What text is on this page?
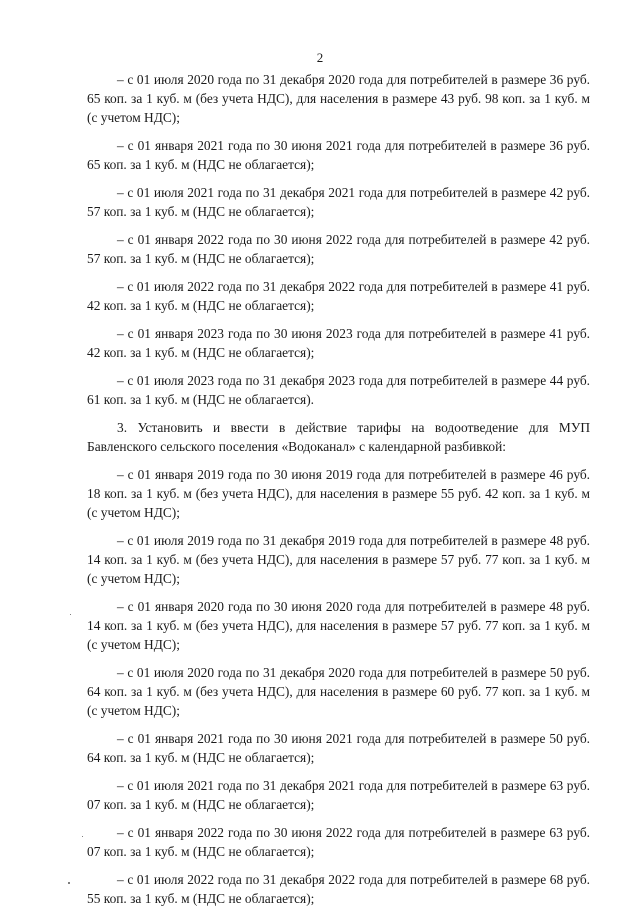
2

– с 01 июля 2020 года по 31 декабря 2020 года для потребителей в размере 36 руб. 65 коп. за 1 куб. м (без учета НДС), для населения в размере 43 руб. 98 коп. за 1 куб. м (с учетом НДС);

– с 01 января 2021 года по 30 июня 2021 года для потребителей в размере 36 руб. 65 коп. за 1 куб. м (НДС не облагается);

– с 01 июля 2021 года по 31 декабря 2021 года для потребителей в размере 42 руб. 57 коп. за 1 куб. м (НДС не облагается);

– с 01 января 2022 года по 30 июня 2022 года для потребителей в размере 42 руб. 57 коп. за 1 куб. м (НДС не облагается);

– с 01 июля 2022 года по 31 декабря 2022 года для потребителей в размере 41 руб. 42 коп. за 1 куб. м (НДС не облагается);

– с 01 января 2023 года по 30 июня 2023 года для потребителей в размере 41 руб. 42 коп. за 1 куб. м (НДС не облагается);

– с 01 июля 2023 года по 31 декабря 2023 года для потребителей в размере 44 руб. 61 коп. за 1 куб. м (НДС не облагается).

3. Установить и ввести в действие тарифы на водоотведение для МУП Бавленского сельского поселения «Водоканал» с календарной разбивкой:

– с 01 января 2019 года по 30 июня 2019 года для потребителей в размере 46 руб. 18 коп. за 1 куб. м (без учета НДС), для населения в размере 55 руб. 42 коп. за 1 куб. м (с учетом НДС);

– с 01 июля 2019 года по 31 декабря 2019 года для потребителей в размере 48 руб. 14 коп. за 1 куб. м (без учета НДС), для населения в размере 57 руб. 77 коп. за 1 куб. м (с учетом НДС);

– с 01 января 2020 года по 30 июня 2020 года для потребителей в размере 48 руб. 14 коп. за 1 куб. м (без учета НДС), для населения в размере 57 руб. 77 коп. за 1 куб. м (с учетом НДС);

– с 01 июля 2020 года по 31 декабря 2020 года для потребителей в размере 50 руб. 64 коп. за 1 куб. м (без учета НДС), для населения в размере 60 руб. 77 коп. за 1 куб. м (с учетом НДС);

– с 01 января 2021 года по 30 июня 2021 года для потребителей в размере 50 руб. 64 коп. за 1 куб. м (НДС не облагается);

– с 01 июля 2021 года по 31 декабря 2021 года для потребителей в размере 63 руб. 07 коп. за 1 куб. м (НДС не облагается);

– с 01 января 2022 года по 30 июня 2022 года для потребителей в размере 63 руб. 07 коп. за 1 куб. м (НДС не облагается);

– с 01 июля 2022 года по 31 декабря 2022 года для потребителей в размере 68 руб. 55 коп. за 1 куб. м (НДС не облагается);
